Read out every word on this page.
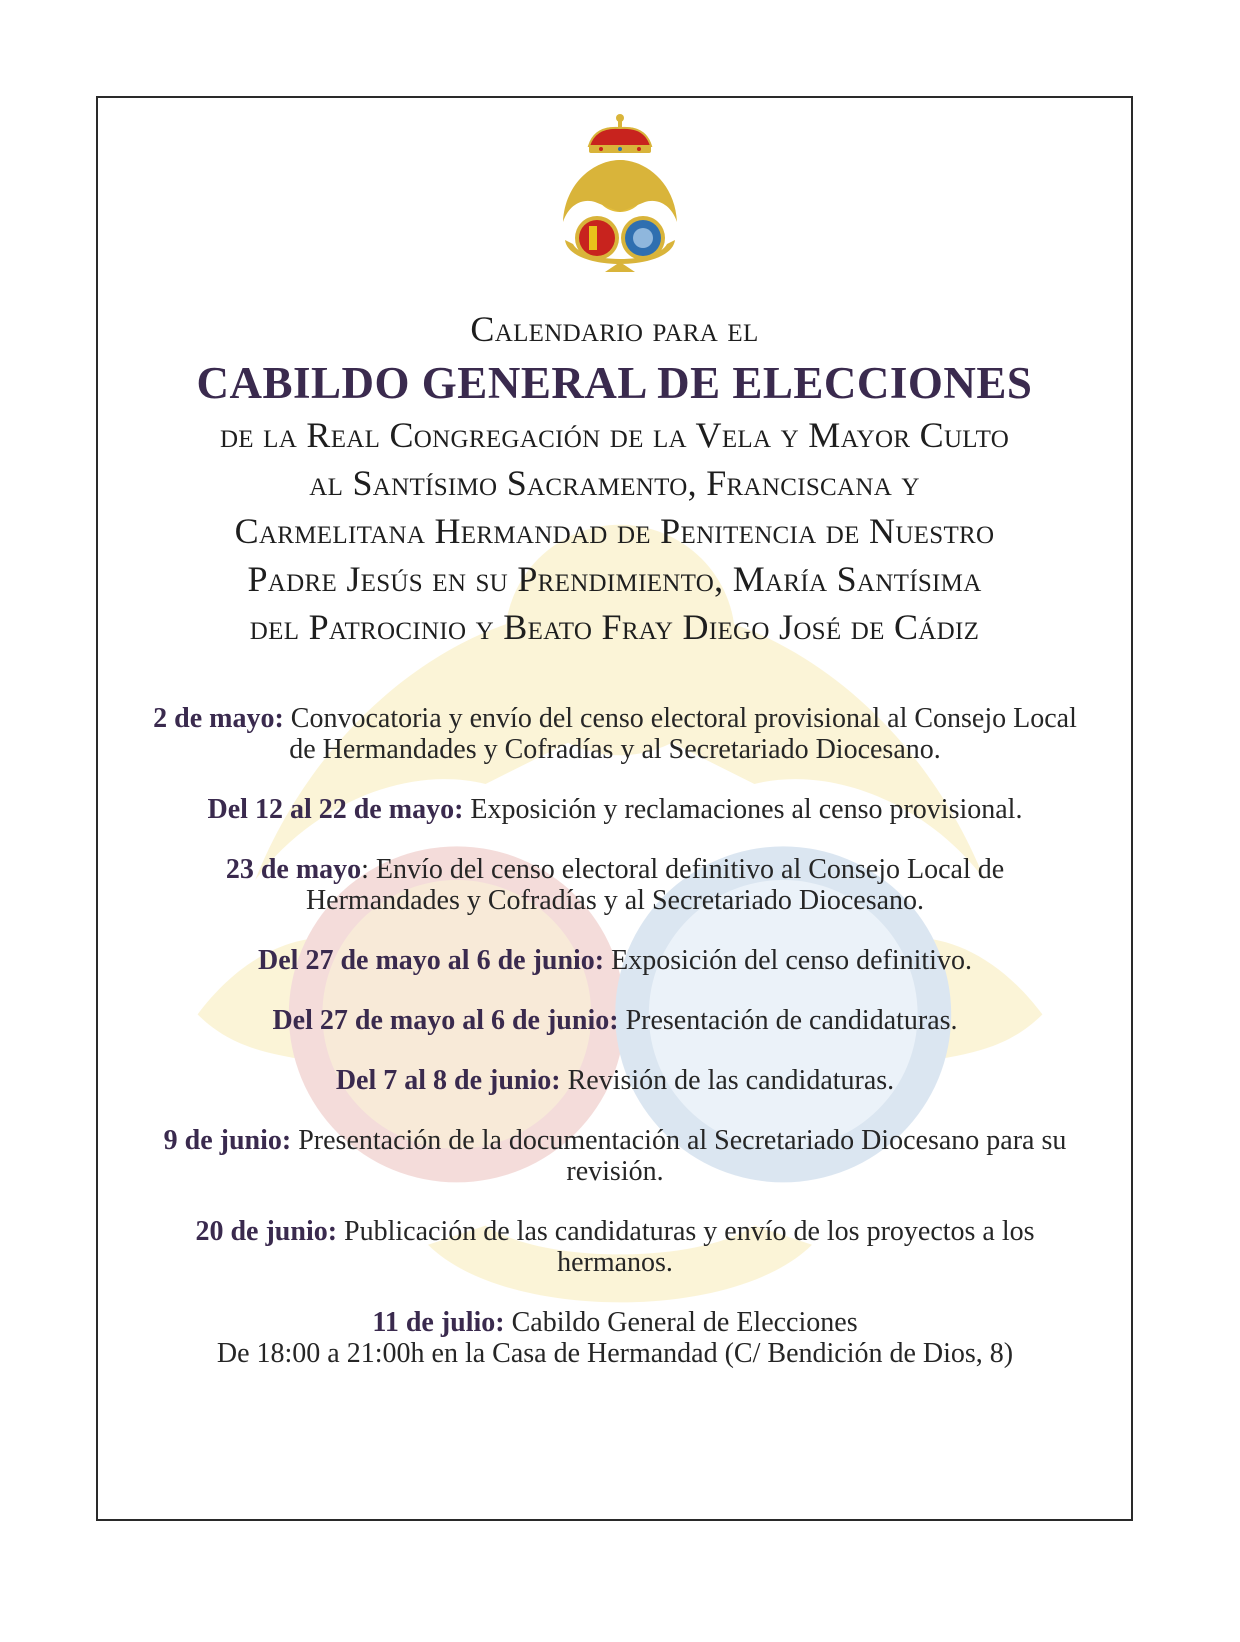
Calendario para el

CABILDO GENERAL DE ELECCIONES

de la Real Congregación de la Vela y Mayor Culto

al Santísimo Sacramento, Franciscana y

Carmelitana Hermandad de Penitencia de Nuestro

Padre Jesús en su Prendimiento, María Santísima

del Patrocinio y Beato Fray Diego José de Cádiz

2 de mayo: Convocatoria y envío del censo electoral provisional al Consejo Local de Hermandades y Cofradías y al Secretariado Diocesano.

Del 12 al 22 de mayo: Exposición y reclamaciones al censo provisional.

23 de mayo: Envío del censo electoral definitivo al Consejo Local de Hermandades y Cofradías y al Secretariado Diocesano.

Del 27 de mayo al 6 de junio: Exposición del censo definitivo.

Del 27 de mayo al 6 de junio: Presentación de candidaturas.

Del 7 al 8 de junio: Revisión de las candidaturas.

9 de junio: Presentación de la documentación al Secretariado Diocesano para su revisión.

20 de junio: Publicación de las candidaturas y envío de los proyectos a los hermanos.

11 de julio: Cabildo General de Elecciones
De 18:00 a 21:00h en la Casa de Hermandad (C/ Bendición de Dios, 8)
